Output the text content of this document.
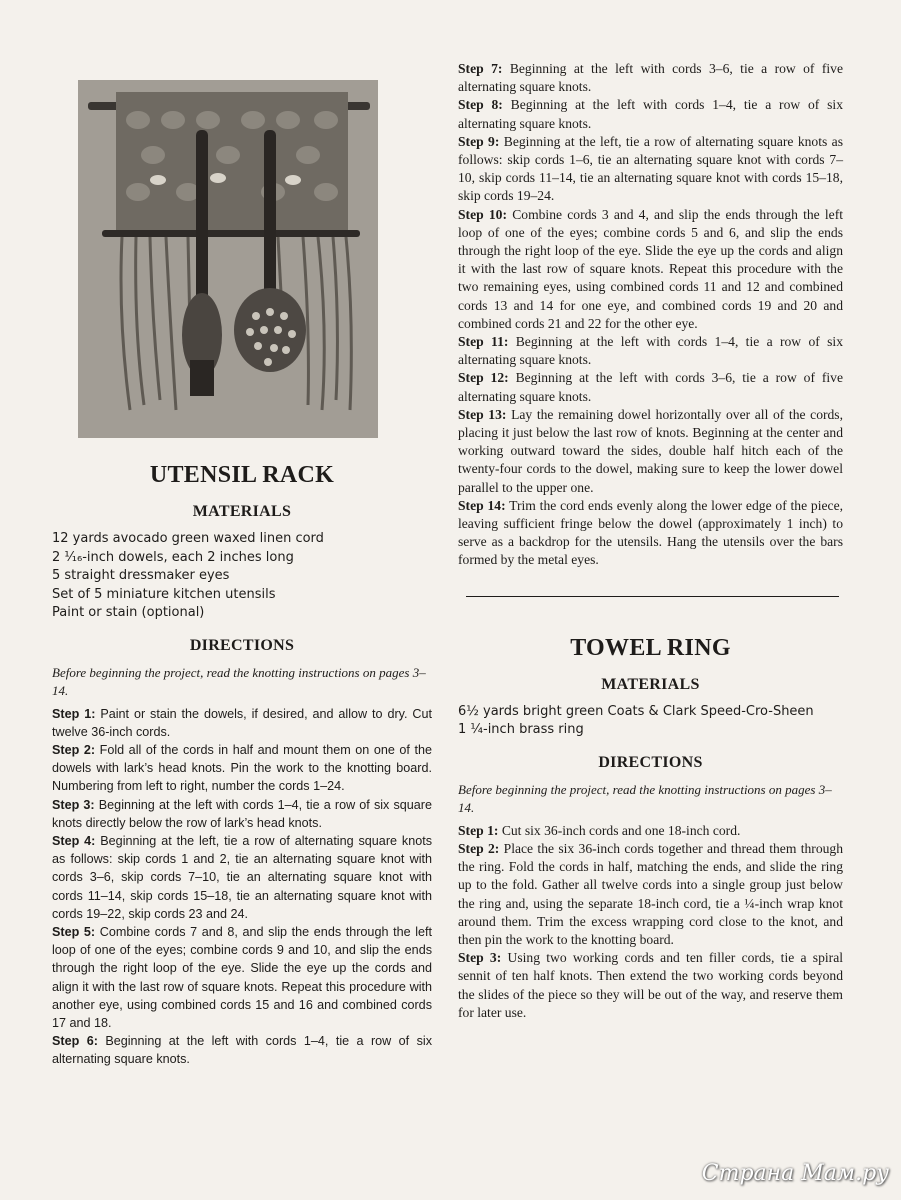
UTENSIL RACK
MATERIALS
12 yards avocado green waxed linen cord
2 ¹⁄₁₆-inch dowels, each 2 inches long
5 straight dressmaker eyes
Set of 5 miniature kitchen utensils
Paint or stain (optional)
DIRECTIONS

Before beginning the project, read the knotting instructions on pages 3–14.

Step 1: Paint or stain the dowels, if desired, and allow to dry. Cut twelve 36-inch cords.

Step 2: Fold all of the cords in half and mount them on one of the dowels with lark’s head knots. Pin the work to the knotting board. Numbering from left to right, number the cords 1–24.

Step 3: Beginning at the left with cords 1–4, tie a row of six square knots directly below the row of lark’s head knots.

Step 4: Beginning at the left, tie a row of alternating square knots as follows: skip cords 1 and 2, tie an alternating square knot with cords 3–6, skip cords 7–10, tie an alternating square knot with cords 11–14, skip cords 15–18, tie an alternating square knot with cords 19–22, skip cords 23 and 24.

Step 5: Combine cords 7 and 8, and slip the ends through the left loop of one of the eyes; combine cords 9 and 10, and slip the ends through the right loop of the eye. Slide the eye up the cords and align it with the last row of square knots. Repeat this procedure with another eye, using combined cords 15 and 16 and combined cords 17 and 18.

Step 6: Beginning at the left with cords 1–4, tie a row of six alternating square knots.

Step 7: Beginning at the left with cords 3–6, tie a row of five alternating square knots.

Step 8: Beginning at the left with cords 1–4, tie a row of six alternating square knots.

Step 9: Beginning at the left, tie a row of alternating square knots as follows: skip cords 1–6, tie an alternating square knot with cords 7–10, skip cords 11–14, tie an alternating square knot with cords 15–18, skip cords 19–24.

Step 10: Combine cords 3 and 4, and slip the ends through the left loop of one of the eyes; combine cords 5 and 6, and slip the ends through the right loop of the eye. Slide the eye up the cords and align it with the last row of square knots. Repeat this procedure with the two remaining eyes, using combined cords 11 and 12 and combined cords 13 and 14 for one eye, and combined cords 19 and 20 and combined cords 21 and 22 for the other eye.

Step 11: Beginning at the left with cords 1–4, tie a row of six alternating square knots.

Step 12: Beginning at the left with cords 3–6, tie a row of five alternating square knots.

Step 13: Lay the remaining dowel horizontally over all of the cords, placing it just below the last row of knots. Beginning at the center and working outward toward the sides, double half hitch each of the twenty-four cords to the dowel, making sure to keep the lower dowel parallel to the upper one.

Step 14: Trim the cord ends evenly along the lower edge of the piece, leaving sufficient fringe below the dowel (approximately 1 inch) to serve as a backdrop for the utensils. Hang the utensils over the bars formed by the metal eyes.

TOWEL RING
MATERIALS
6½ yards bright green Coats & Clark Speed-Cro-Sheen
1 ¼-inch brass ring
DIRECTIONS

Before beginning the project, read the knotting instructions on pages 3–14.

Step 1: Cut six 36-inch cords and one 18-inch cord.

Step 2: Place the six 36-inch cords together and thread them through the ring. Fold the cords in half, matching the ends, and slide the ring up to the fold. Gather all twelve cords into a single group just below the ring and, using the separate 18-inch cord, tie a ¼-inch wrap knot around them. Trim the excess wrapping cord close to the knot, and then pin the work to the knotting board.

Step 3: Using two working cords and ten filler cords, tie a spiral sennit of ten half knots. Then extend the two working cords beyond the slides of the piece so they will be out of the way, and reserve them for later use.

Страна Мам.ру
